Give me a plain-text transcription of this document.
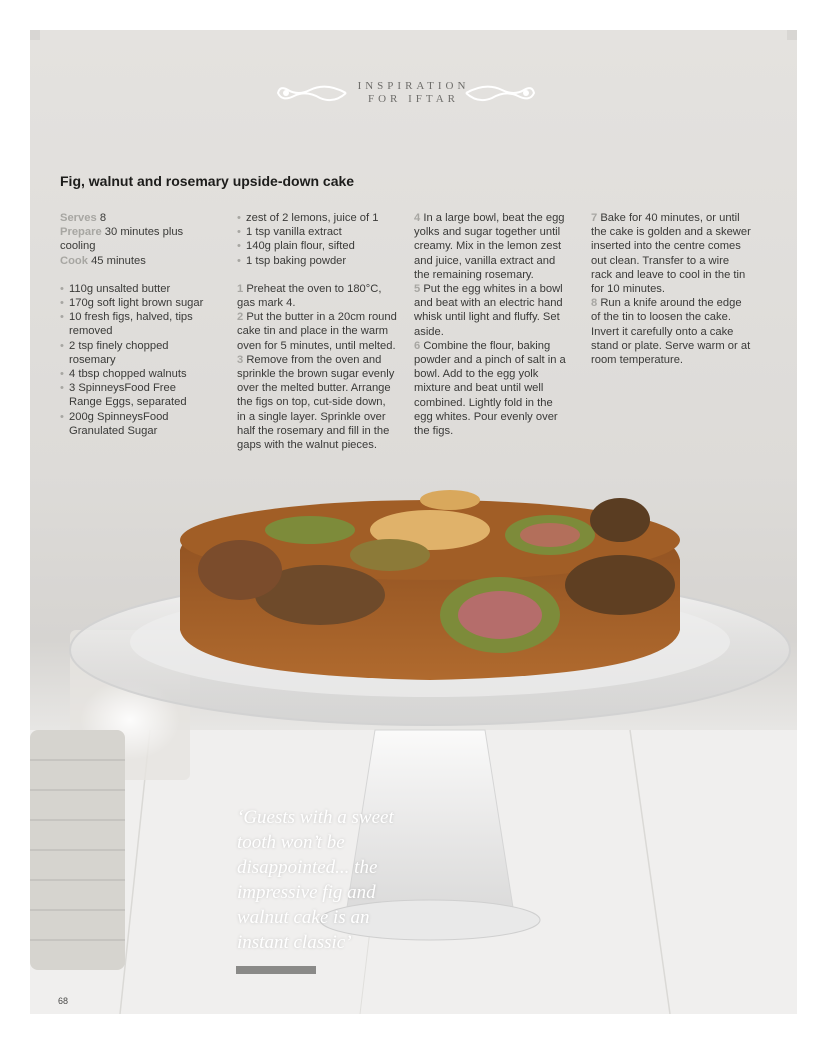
INSPIRATION
FOR IFTAR
Fig, walnut and rosemary upside-down cake

Serves 8

Prepare 30 minutes plus cooling

Cook 45 minutes

• 110g unsalted butter
• 170g soft light brown sugar
• 10 fresh figs, halved, tips removed
• 2 tsp finely chopped rosemary
• 4 tbsp chopped walnuts
• 3 SpinneysFood Free Range Eggs, separated
• 200g SpinneysFood Granulated Sugar
• zest of 2 lemons, juice of 1
• 1 tsp vanilla extract
• 140g plain flour, sifted
• 1 tsp baking powder

1 Preheat the oven to 180°C, gas mark 4.

2 Put the butter in a 20cm round cake tin and place in the warm oven for 5 minutes, until melted.

3 Remove from the oven and sprinkle the brown sugar evenly over the melted butter. Arrange the figs on top, cut-side down, in a single layer. Sprinkle over half the rosemary and fill in the gaps with the walnut pieces.

4 In a large bowl, beat the egg yolks and sugar together until creamy. Mix in the lemon zest and juice, vanilla extract and the remaining rosemary.

5 Put the egg whites in a bowl and beat with an electric hand whisk until light and fluffy. Set aside.

6 Combine the flour, baking powder and a pinch of salt in a bowl. Add to the egg yolk mixture and beat until well combined. Lightly fold in the egg whites. Pour evenly over the figs.

7 Bake for 40 minutes, or until the cake is golden and a skewer inserted into the centre comes out clean. Transfer to a wire rack and leave to cool in the tin for 10 minutes.

8 Run a knife around the edge of the tin to loosen the cake. Invert it carefully onto a cake stand or plate. Serve warm or at room temperature.

‘Guests with a sweet tooth won’t be disappointed... the impressive fig and walnut cake is an instant classic’
68
